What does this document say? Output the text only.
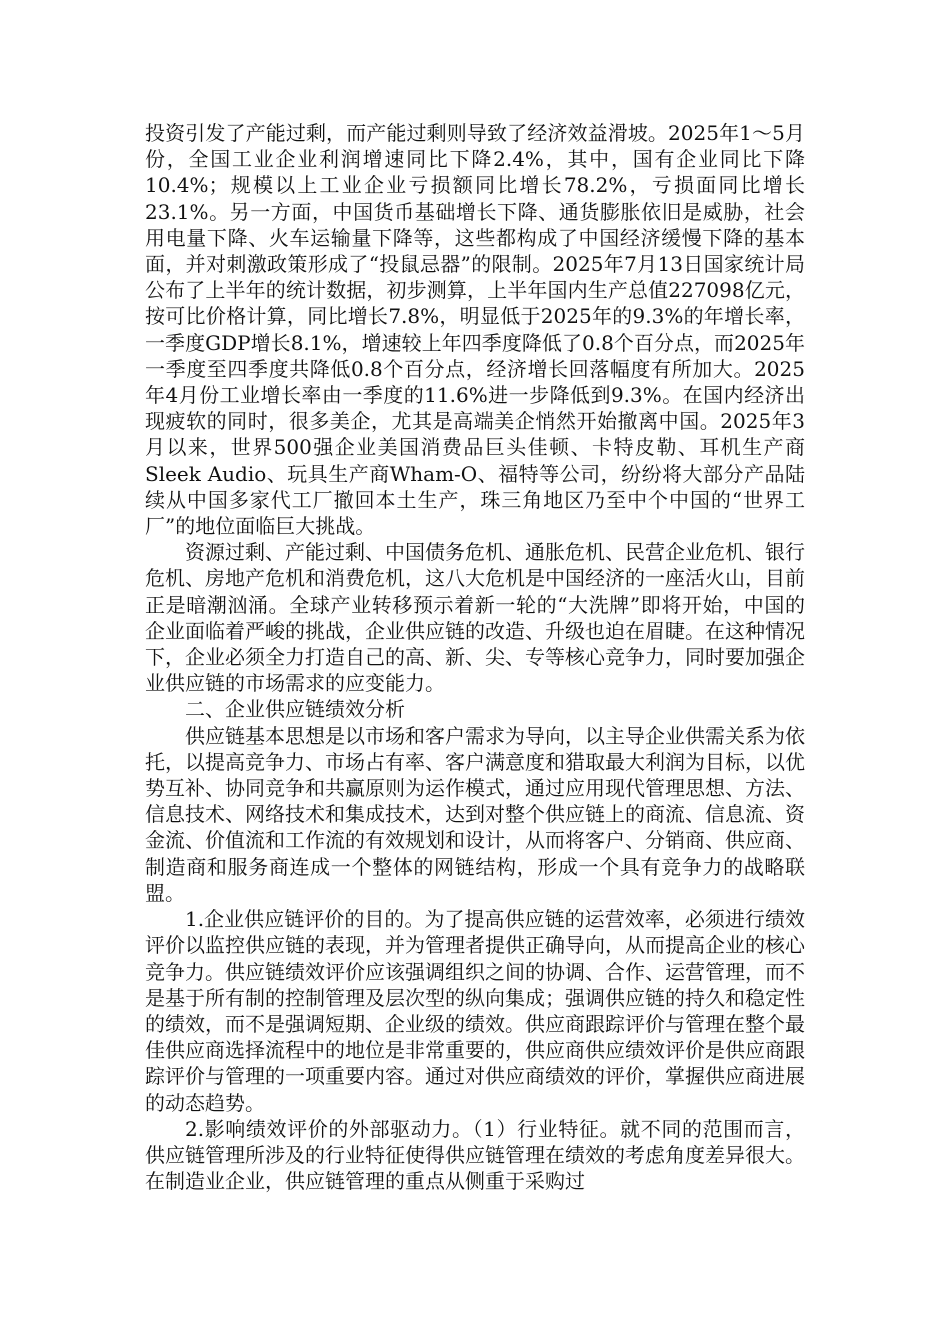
投资引发了产能过剩，而产能过剩则导致了经济效益滑坡。2025年1～5月份，全国工业企业利润增速同比下降2.4%，其中，国有企业同比下降10.4%；规模以上工业企业亏损额同比增长78.2%，亏损面同比增长23.1%。另一方面，中国货币基础增长下降、通货膨胀依旧是威胁，社会用电量下降、火车运输量下降等，这些都构成了中国经济缓慢下降的基本面，并对刺激政策形成了“投鼠忌器”的限制。2025年7月13日国家统计局公布了上半年的统计数据，初步测算，上半年国内生产总值227098亿元，按可比价格计算，同比增长7.8%，明显低于2025年的9.3%的年增长率，一季度GDP增长8.1%，增速较上年四季度降低了0.8个百分点，而2025年一季度至四季度共降低0.8个百分点，经济增长回落幅度有所加大。2025年4月份工业增长率由一季度的11.6%进一步降低到9.3%。在国内经济出现疲软的同时，很多美企，尤其是高端美企悄然开始撤离中国。2025年3月以来，世界500强企业美国消费品巨头佳顿、卡特皮勒、耳机生产商Sleek Audio、玩具生产商Wham-O、福特等公司，纷纷将大部分产品陆续从中国多家代工厂撤回本土生产，珠三角地区乃至中个中国的“世界工厂”的地位面临巨大挑战。

资源过剩、产能过剩、中国债务危机、通胀危机、民营企业危机、银行危机、房地产危机和消费危机，这八大危机是中国经济的一座活火山，目前正是暗潮汹涌。全球产业转移预示着新一轮的“大洗牌”即将开始，中国的企业面临着严峻的挑战，企业供应链的改造、升级也迫在眉睫。在这种情况下，企业必须全力打造自己的高、新、尖、专等核心竞争力，同时要加强企业供应链的市场需求的应变能力。

二、企业供应链绩效分析

供应链基本思想是以市场和客户需求为导向，以主导企业供需关系为依托，以提高竞争力、市场占有率、客户满意度和猎取最大利润为目标，以优势互补、协同竞争和共赢原则为运作模式，通过应用现代管理思想、方法、信息技术、网络技术和集成技术，达到对整个供应链上的商流、信息流、资金流、价值流和工作流的有效规划和设计，从而将客户、分销商、供应商、制造商和服务商连成一个整体的网链结构，形成一个具有竞争力的战略联盟。

1.企业供应链评价的目的。为了提高供应链的运营效率，必须进行绩效评价以监控供应链的表现，并为管理者提供正确导向，从而提高企业的核心竞争力。供应链绩效评价应该强调组织之间的协调、合作、运营管理，而不是基于所有制的控制管理及层次型的纵向集成；强调供应链的持久和稳定性的绩效，而不是强调短期、企业级的绩效。供应商跟踪评价与管理在整个最佳供应商选择流程中的地位是非常重要的，供应商供应绩效评价是供应商跟踪评价与管理的一项重要内容。通过对供应商绩效的评价，掌握供应商进展的动态趋势。

2.影响绩效评价的外部驱动力。（1）行业特征。就不同的范围而言，供应链管理所涉及的行业特征使得供应链管理在绩效的考虑角度差异很大。在制造业企业，供应链管理的重点从侧重于采购过
